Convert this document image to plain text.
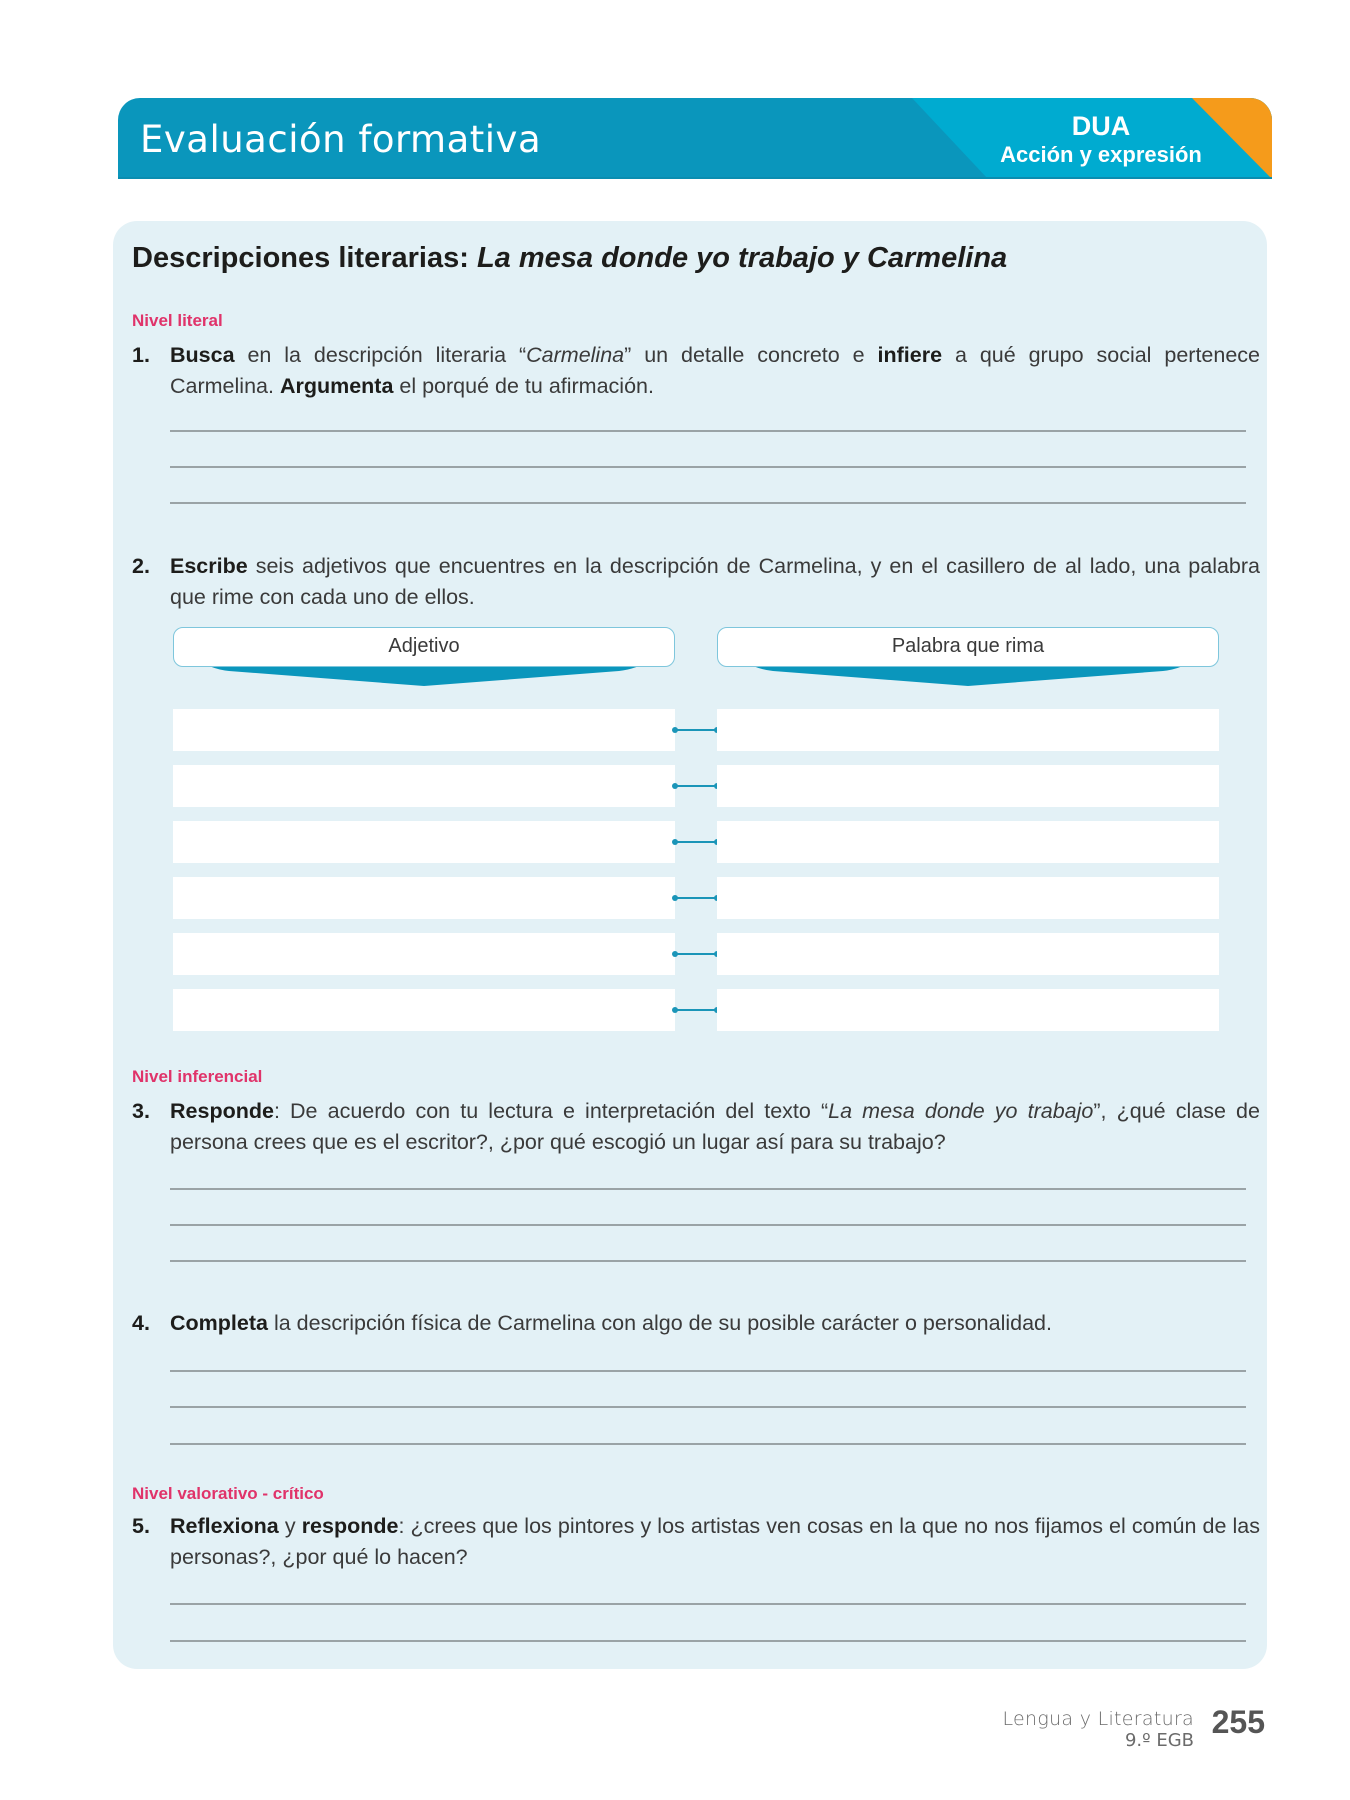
Evaluación formativa	DUA
Acción y expresión
Descripciones literarias: La mesa donde yo trabajo y Carmelina
Nivel literal
1. Busca en la descripción literaria “Carmelina” un detalle concreto e infiere a qué grupo social pertenece Carmelina. Argumenta el porqué de tu afirmación.
2. Escribe seis adjetivos que encuentres en la descripción de Carmelina, y en el casillero de al lado, una palabra que rime con cada uno de ellos.
Adjetivo	Palabra que rima
Nivel inferencial
3. Responde: De acuerdo con tu lectura e interpretación del texto “La mesa donde yo trabajo”, ¿qué clase de persona crees que es el escritor?, ¿por qué escogió un lugar así para su trabajo?
4. Completa la descripción física de Carmelina con algo de su posible carácter o personalidad.
Nivel valorativo - crítico
5. Reflexiona y responde: ¿crees que los pintores y los artistas ven cosas en la que no nos fijamos el común de las personas?, ¿por qué lo hacen?
Lengua y Literatura
9.º EGB
255
